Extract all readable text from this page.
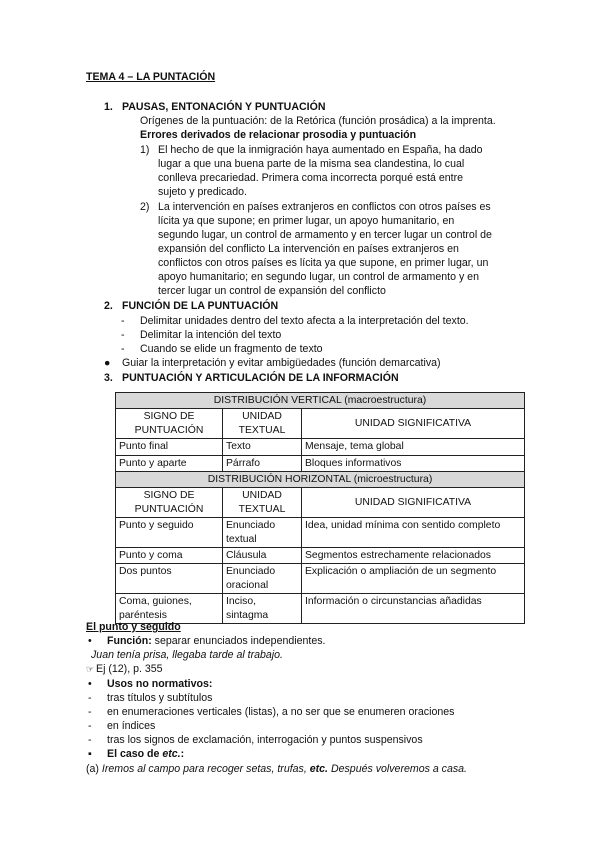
TEMA 4 – LA PUNTACIÓN
1. PAUSAS, ENTONACIÓN Y PUNTUACIÓN
Orígenes de la puntuación: de la Retórica (función prosádica) a la imprenta.
Errores derivados de relacionar prosodia y puntuación
1) El hecho de que la inmigración haya aumentado en España, ha dado
lugar a que una buena parte de la misma sea clandestina, lo cual
conlleva precariedad. Primera coma incorrecta porqué está entre
sujeto y predicado.
2) La intervención en países extranjeros en conflictos con otros países es
lícita ya que supone; en primer lugar, un apoyo humanitario, en
segundo lugar, un control de armamento y en tercer lugar un control de
expansión del conflicto La intervención en países extranjeros en
conflictos con otros países es lícita ya que supone, en primer lugar, un
apoyo humanitario; en segundo lugar, un control de armamento y en
tercer lugar un control de expansión del conflicto
2. FUNCIÓN DE LA PUNTUACIÓN
- Delimitar unidades dentro del texto afecta a la interpretación del texto.
- Delimitar la intención del texto
- Cuando se elide un fragmento de texto
● Guiar la interpretación y evitar ambigüedades (función demarcativa)
3. PUNTUACIÓN Y ARTICULACIÓN DE LA INFORMACIÓN
DISTRIBUCIÓN VERTICAL (macroestructura)		
SIGNO DE PUNTUACIÓN	UNIDAD TEXTUAL	UNIDAD SIGNIFICATIVA
Punto final	Texto	Mensaje, tema global
Punto y aparte	Párrafo	Bloques informativos
DISTRIBUCIÓN HORIZONTAL (microestructura)		
SIGNO DE PUNTUACIÓN	UNIDAD TEXTUAL	UNIDAD SIGNIFICATIVA
Punto y seguido	Enunciado textual	Idea, unidad mínima con sentido completo
Punto y coma	Cláusula	Segmentos estrechamente relacionados
Dos puntos	Enunciado oracional	Explicación o ampliación de un segmento
Coma, guiones, paréntesis	Inciso, sintagma	Información o circunstancias añadidas
El punto y seguido
• Función: separar enunciados independientes.
Juan tenía prisa, llegaba tarde al trabajo.
☞ Ej (12), p. 355
• Usos no normativos:
- tras títulos y subtítulos
- en enumeraciones verticales (listas), a no ser que se enumeren oraciones
- en índices
- tras los signos de exclamación, interrogación y puntos suspensivos
▪ El caso de etc.:
(a) Iremos al campo para recoger setas, trufas, etc. Después volveremos a casa.
